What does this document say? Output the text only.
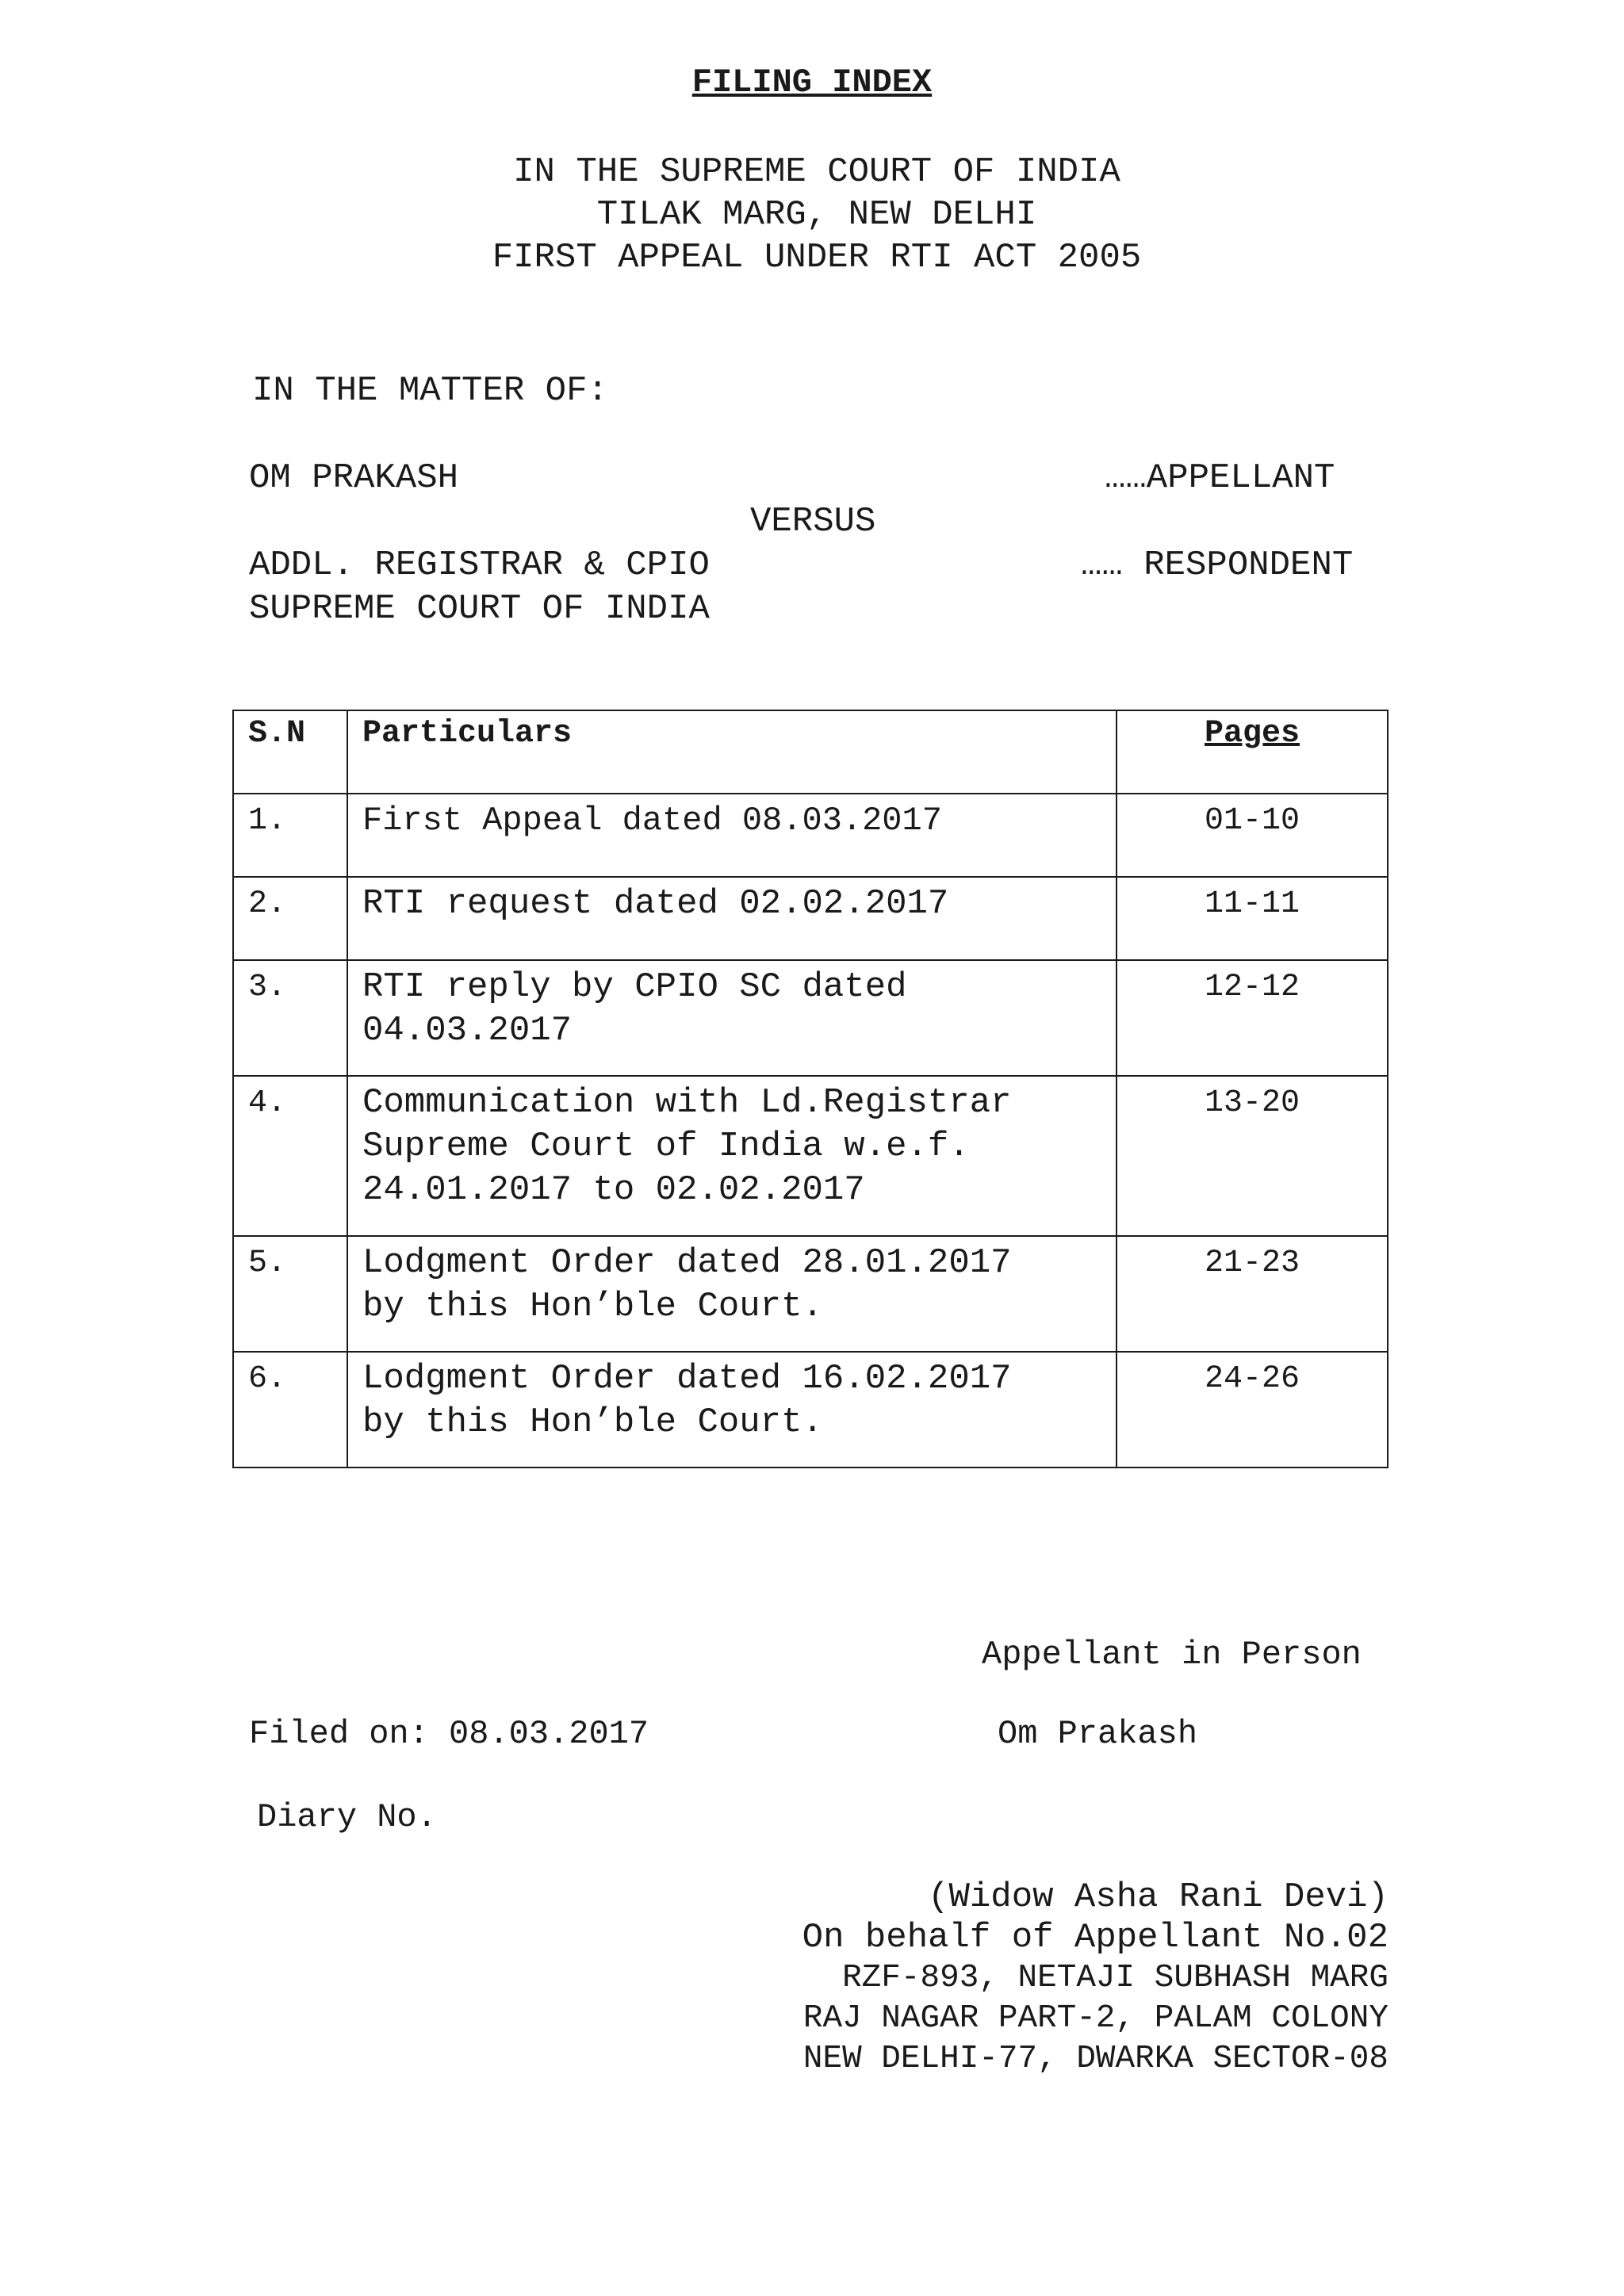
FILING INDEX
IN THE SUPREME COURT OF INDIA
TILAK MARG, NEW DELHI
FIRST APPEAL UNDER RTI ACT 2005
IN THE MATTER OF:
OM PRAKASH	……APPELLANT
VERSUS
ADDL. REGISTRAR & CPIO	…… RESPONDENT
SUPREME COURT OF INDIA
S.N	Particulars	Pages

1.	First Appeal dated 08.03.2017	01-10

2.	RTI request dated 02.02.2017	11-11

3.	RTI reply by CPIO SC dated
04.03.2017	12-12

4.	Communication with Ld.Registrar
Supreme Court of India w.e.f.
24.01.2017 to 02.02.2017	13-20

5.	Lodgment Order dated 28.01.2017
by this Hon’ble Court.	21-23

6.	Lodgment Order dated 16.02.2017
by this Hon’ble Court.	24-26
Appellant in Person
Filed on: 08.03.2017	Om Prakash
Diary No.
(Widow Asha Rani Devi)
On behalf of Appellant No.02
RZF-893, NETAJI SUBHASH MARG
RAJ NAGAR PART-2, PALAM COLONY
NEW DELHI-77, DWARKA SECTOR-08
